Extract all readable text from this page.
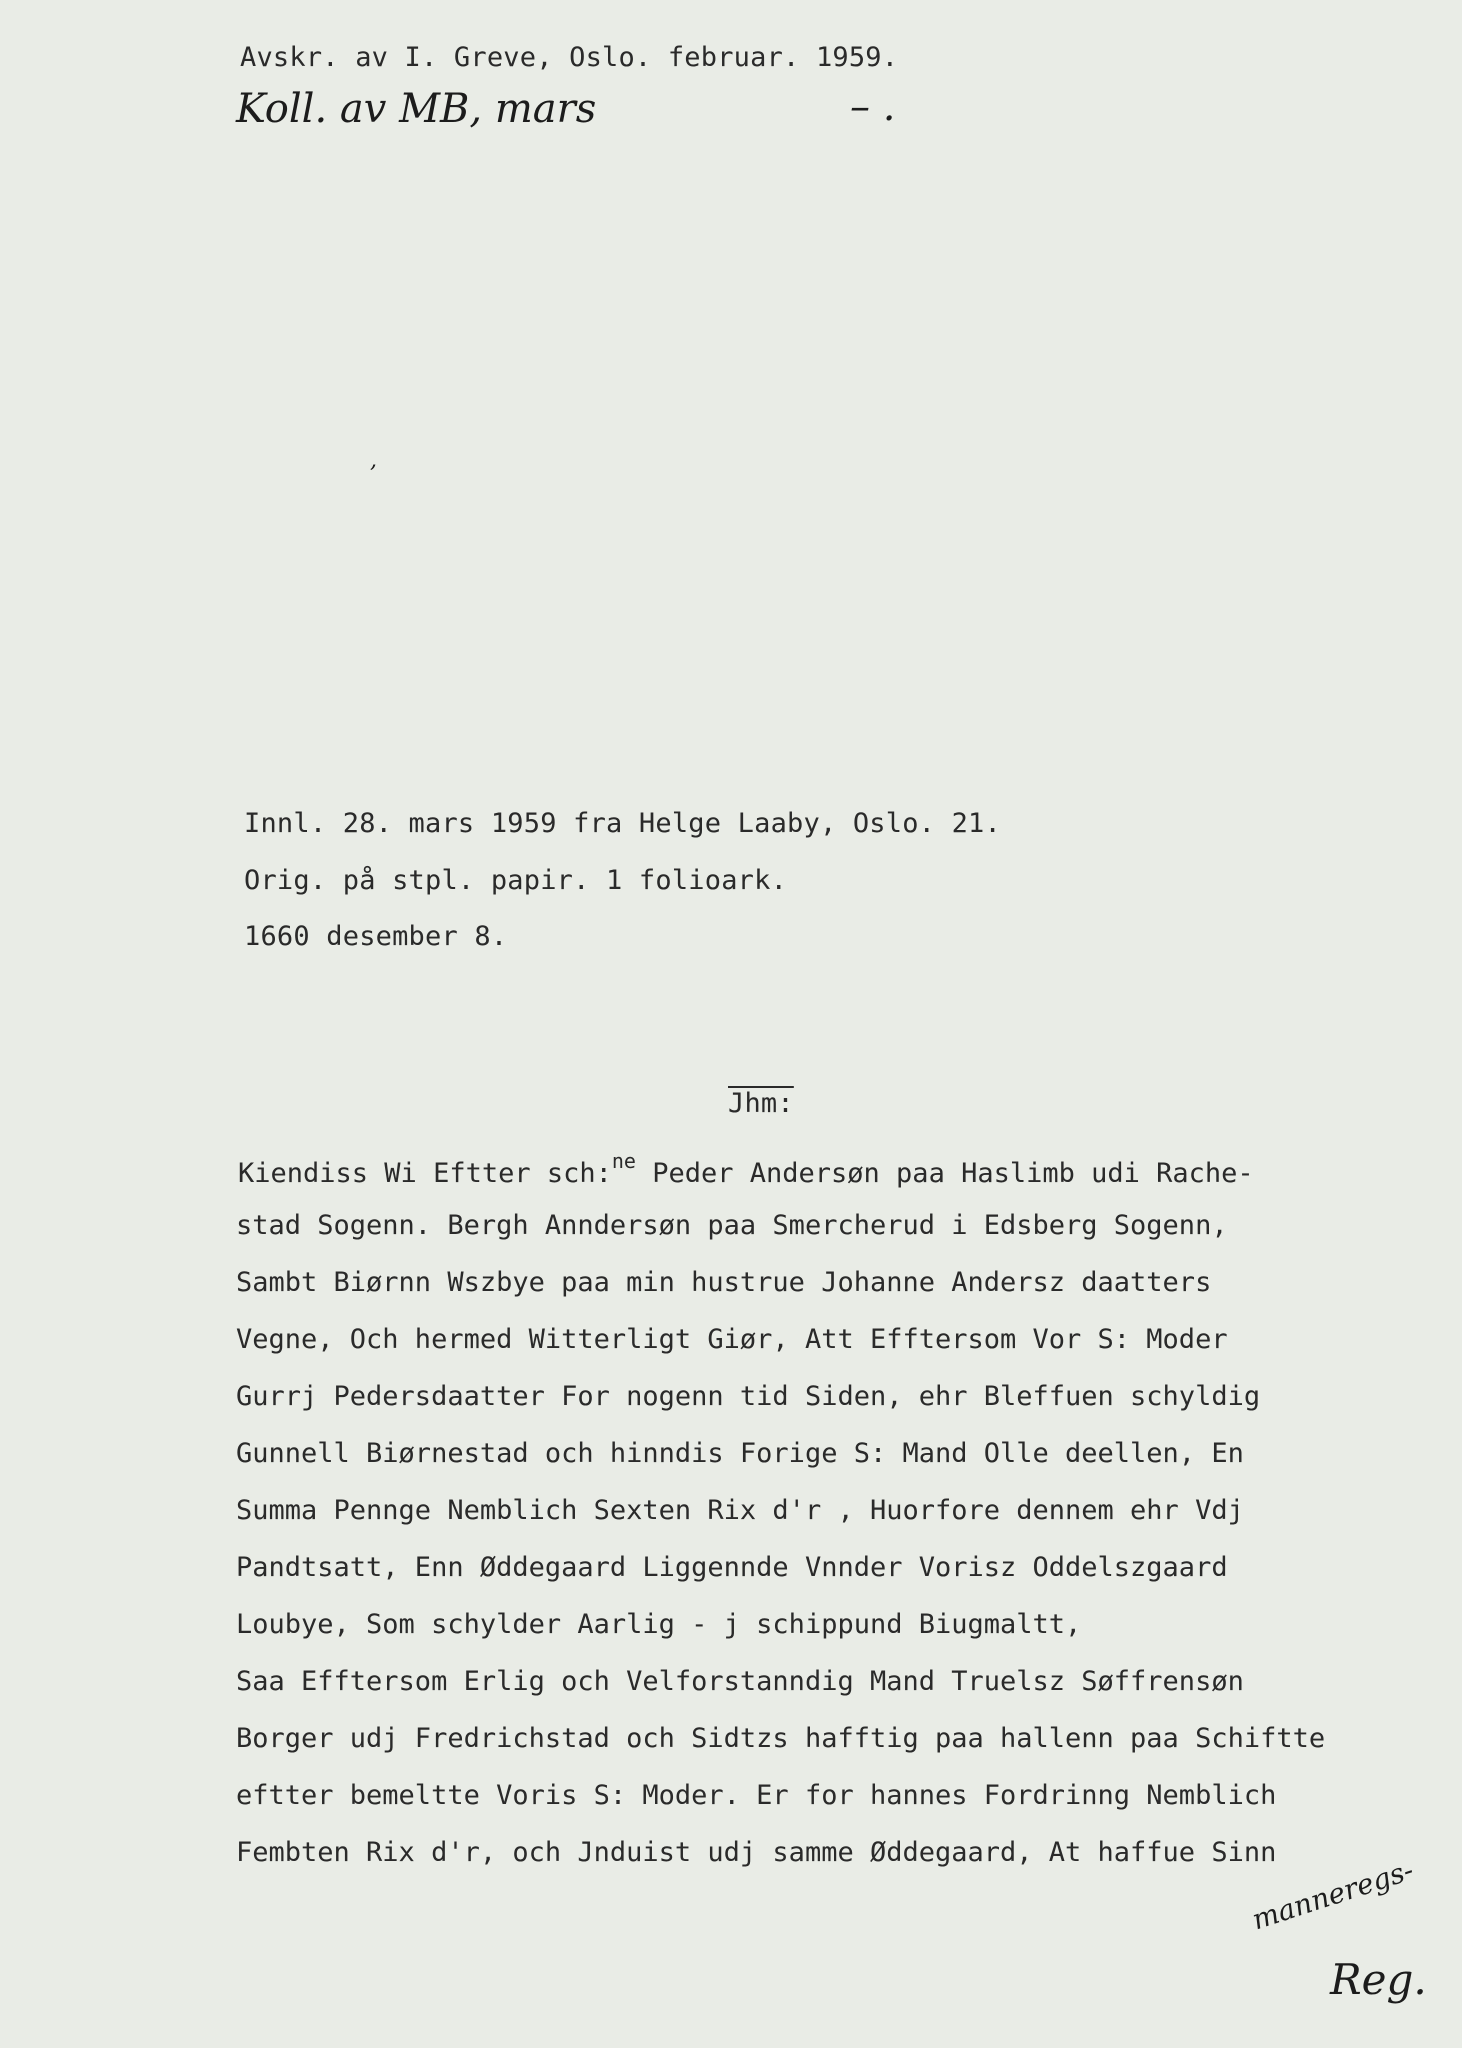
Avskr. av I. Greve, Oslo. februar. 1959.
Koll. av MB, mars	– .
,
Innl. 28. mars 1959 fra Helge Laaby, Oslo. 21.
Orig. på stpl. papir. 1 folioark.
1660 desember 8.
Jhm:
Kiendiss Wi Eftter sch:$^{ne}$ Peder Andersøn paa Haslimb udi Rache-
stad Sogenn. Bergh Anndersøn paa Smercherud i Edsberg Sogenn,
Sambt Biørnn Wszbye paa min hustrue Johanne Andersz daatters
Vegne, Och hermed Witterligt Giør, Att Efftersom Vor S: Moder
Gurrj Pedersdaatter For nogenn tid Siden, ehr Bleffuen schyldig
Gunnell Biørnestad och hinndis Forige S: Mand Olle deellen, En
Summa Pennge Nemblich Sexten Rix d'r , Huorfore dennem ehr Vdj
Pandtsatt, Enn Øddegaard Liggennde Vnnder Vorisz Oddelszgaard
Loubye, Som schylder Aarlig - j schippund Biugmaltt,
Saa Efftersom Erlig och Velforstanndig Mand Truelsz Søffrensøn
Borger udj Fredrichstad och Sidtzs hafftig paa hallenn paa Schiftte
eftter bemeltte Voris S: Moder. Er for hannes Fordrinng Nemblich
Fembten Rix d'r, och Jnduist udj samme Øddegaard, At haffue Sinn
manneregs-
Reg.
